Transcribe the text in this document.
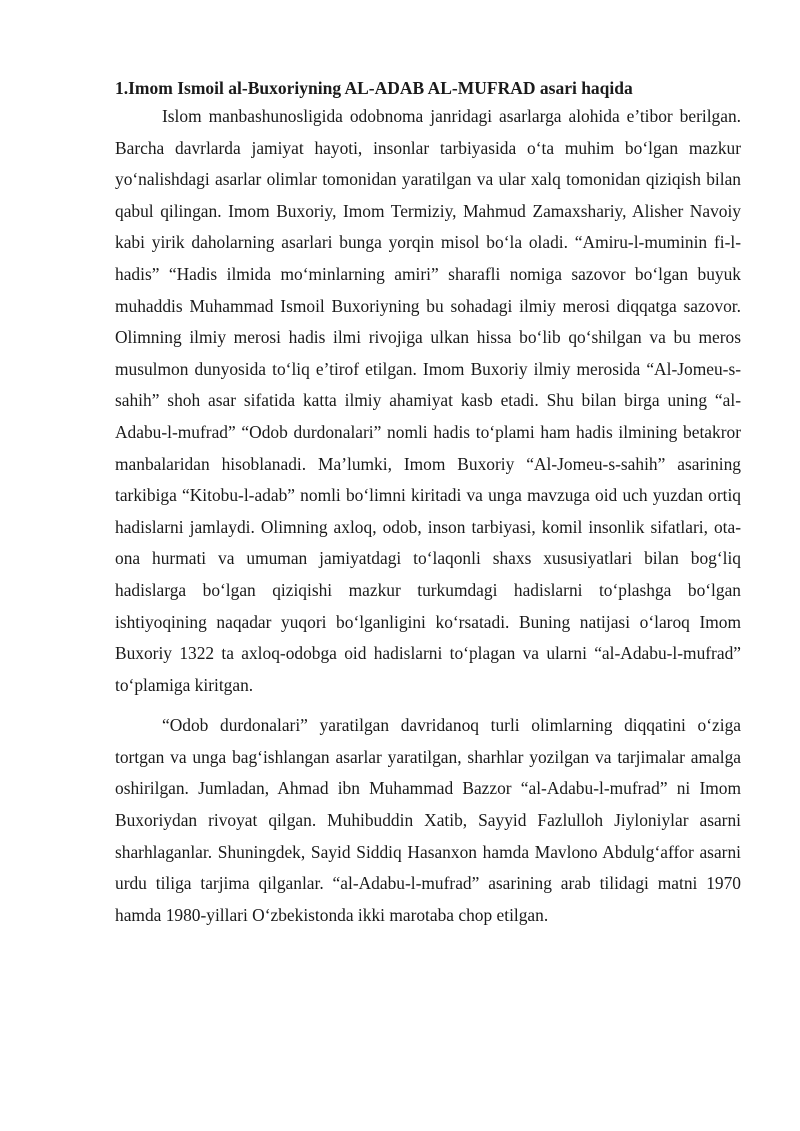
1.Imom Ismoil al-Buxoriyning AL-ADAB AL-MUFRAD asari haqida

Islom manbashunosligida odobnoma janridagi asarlarga alohida e’tibor berilgan. Barcha davrlarda jamiyat hayoti, insonlar tarbiyasida o‘ta muhim bo‘lgan mazkur yo‘nalishdagi asarlar olimlar tomonidan yaratilgan va ular xalq tomonidan qiziqish bilan qabul qilingan. Imom Buxoriy, Imom Termiziy, Mahmud Zamaxshariy, Alisher Navoiy kabi yirik daholarning asarlari bunga yorqin misol bo‘la oladi. “Amiru-l-muminin fi-l-hadis” “Hadis ilmida mo‘minlarning amiri” sharafli nomiga sazovor bo‘lgan buyuk muhaddis Muhammad Ismoil Buxoriyning bu sohadagi ilmiy merosi diqqatga sazovor. Olimning ilmiy merosi hadis ilmi rivojiga ulkan hissa bo‘lib qo‘shilgan va bu meros musulmon dunyosida to‘liq e’tirof etilgan. Imom Buxoriy ilmiy merosida “Al-Jomeu-s-sahih” shoh asar sifatida katta ilmiy ahamiyat kasb etadi. Shu bilan birga uning “al-Adabu-l-mufrad” “Odob durdonalari” nomli hadis to‘plami ham hadis ilmining betakror manbalaridan hisoblanadi. Ma’lumki, Imom Buxoriy “Al-Jomeu-s-sahih” asarining tarkibiga “Kitobu-l-adab” nomli bo‘limni kiritadi va unga mavzuga oid uch yuzdan ortiq hadislarni jamlaydi. Olimning axloq, odob, inson tarbiyasi, komil insonlik sifatlari, ota-ona hurmati va umuman jamiyatdagi to‘laqonli shaxs xususiyatlari bilan bog‘liq hadislarga bo‘lgan qiziqishi mazkur turkumdagi hadislarni to‘plashga bo‘lgan ishtiyoqining naqadar yuqori bo‘lganligini ko‘rsatadi. Buning natijasi o‘laroq Imom Buxoriy 1322 ta axloq-odobga oid hadislarni to‘plagan va ularni “al-Adabu-l-mufrad” to‘plamiga kiritgan.

“Odob durdonalari” yaratilgan davridanoq turli olimlarning diqqatini o‘ziga tortgan va unga bag‘ishlangan asarlar yaratilgan, sharhlar yozilgan va tarjimalar amalga oshirilgan. Jumladan, Ahmad ibn Muhammad Bazzor “al-Adabu-l-mufrad” ni Imom Buxoriydan rivoyat qilgan. Muhibuddin Xatib, Sayyid Fazlulloh Jiyloniylar asarni sharhlaganlar. Shuningdek, Sayid Siddiq Hasanxon hamda Mavlono Abdulg‘affor asarni urdu tiliga tarjima qilganlar. “al-Adabu-l-mufrad” asarining arab tilidagi matni 1970 hamda 1980-yillari O‘zbekistonda ikki marotaba chop etilgan.
